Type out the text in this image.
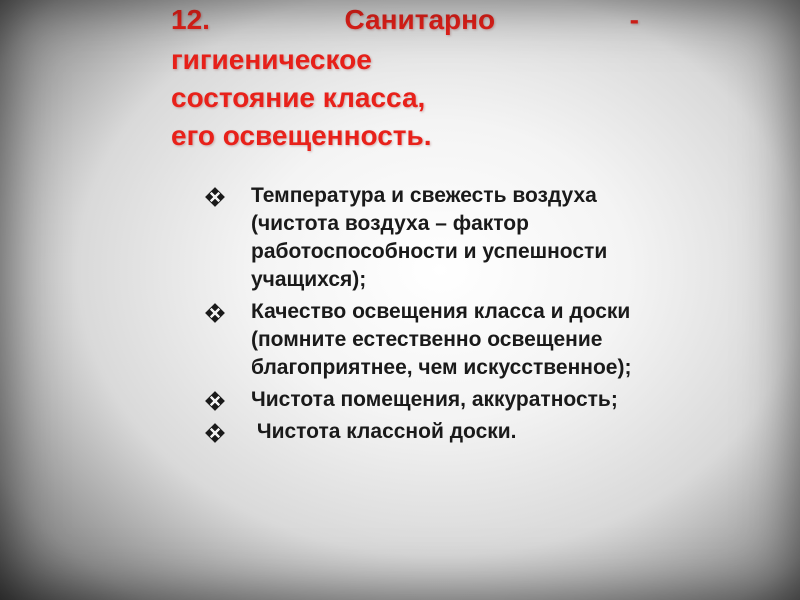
12.	Санитарно	-
гигиеническое
состояние класса,
его освещенность.
Температура и свежесть воздуха
(чистота воздуха – фактор
работоспособности и успешности
учащихся);
Качество освещения класса и доски
(помните естественно освещение
благоприятнее, чем искусственное);
Чистота помещения, аккуратность;
Чистота классной доски.
